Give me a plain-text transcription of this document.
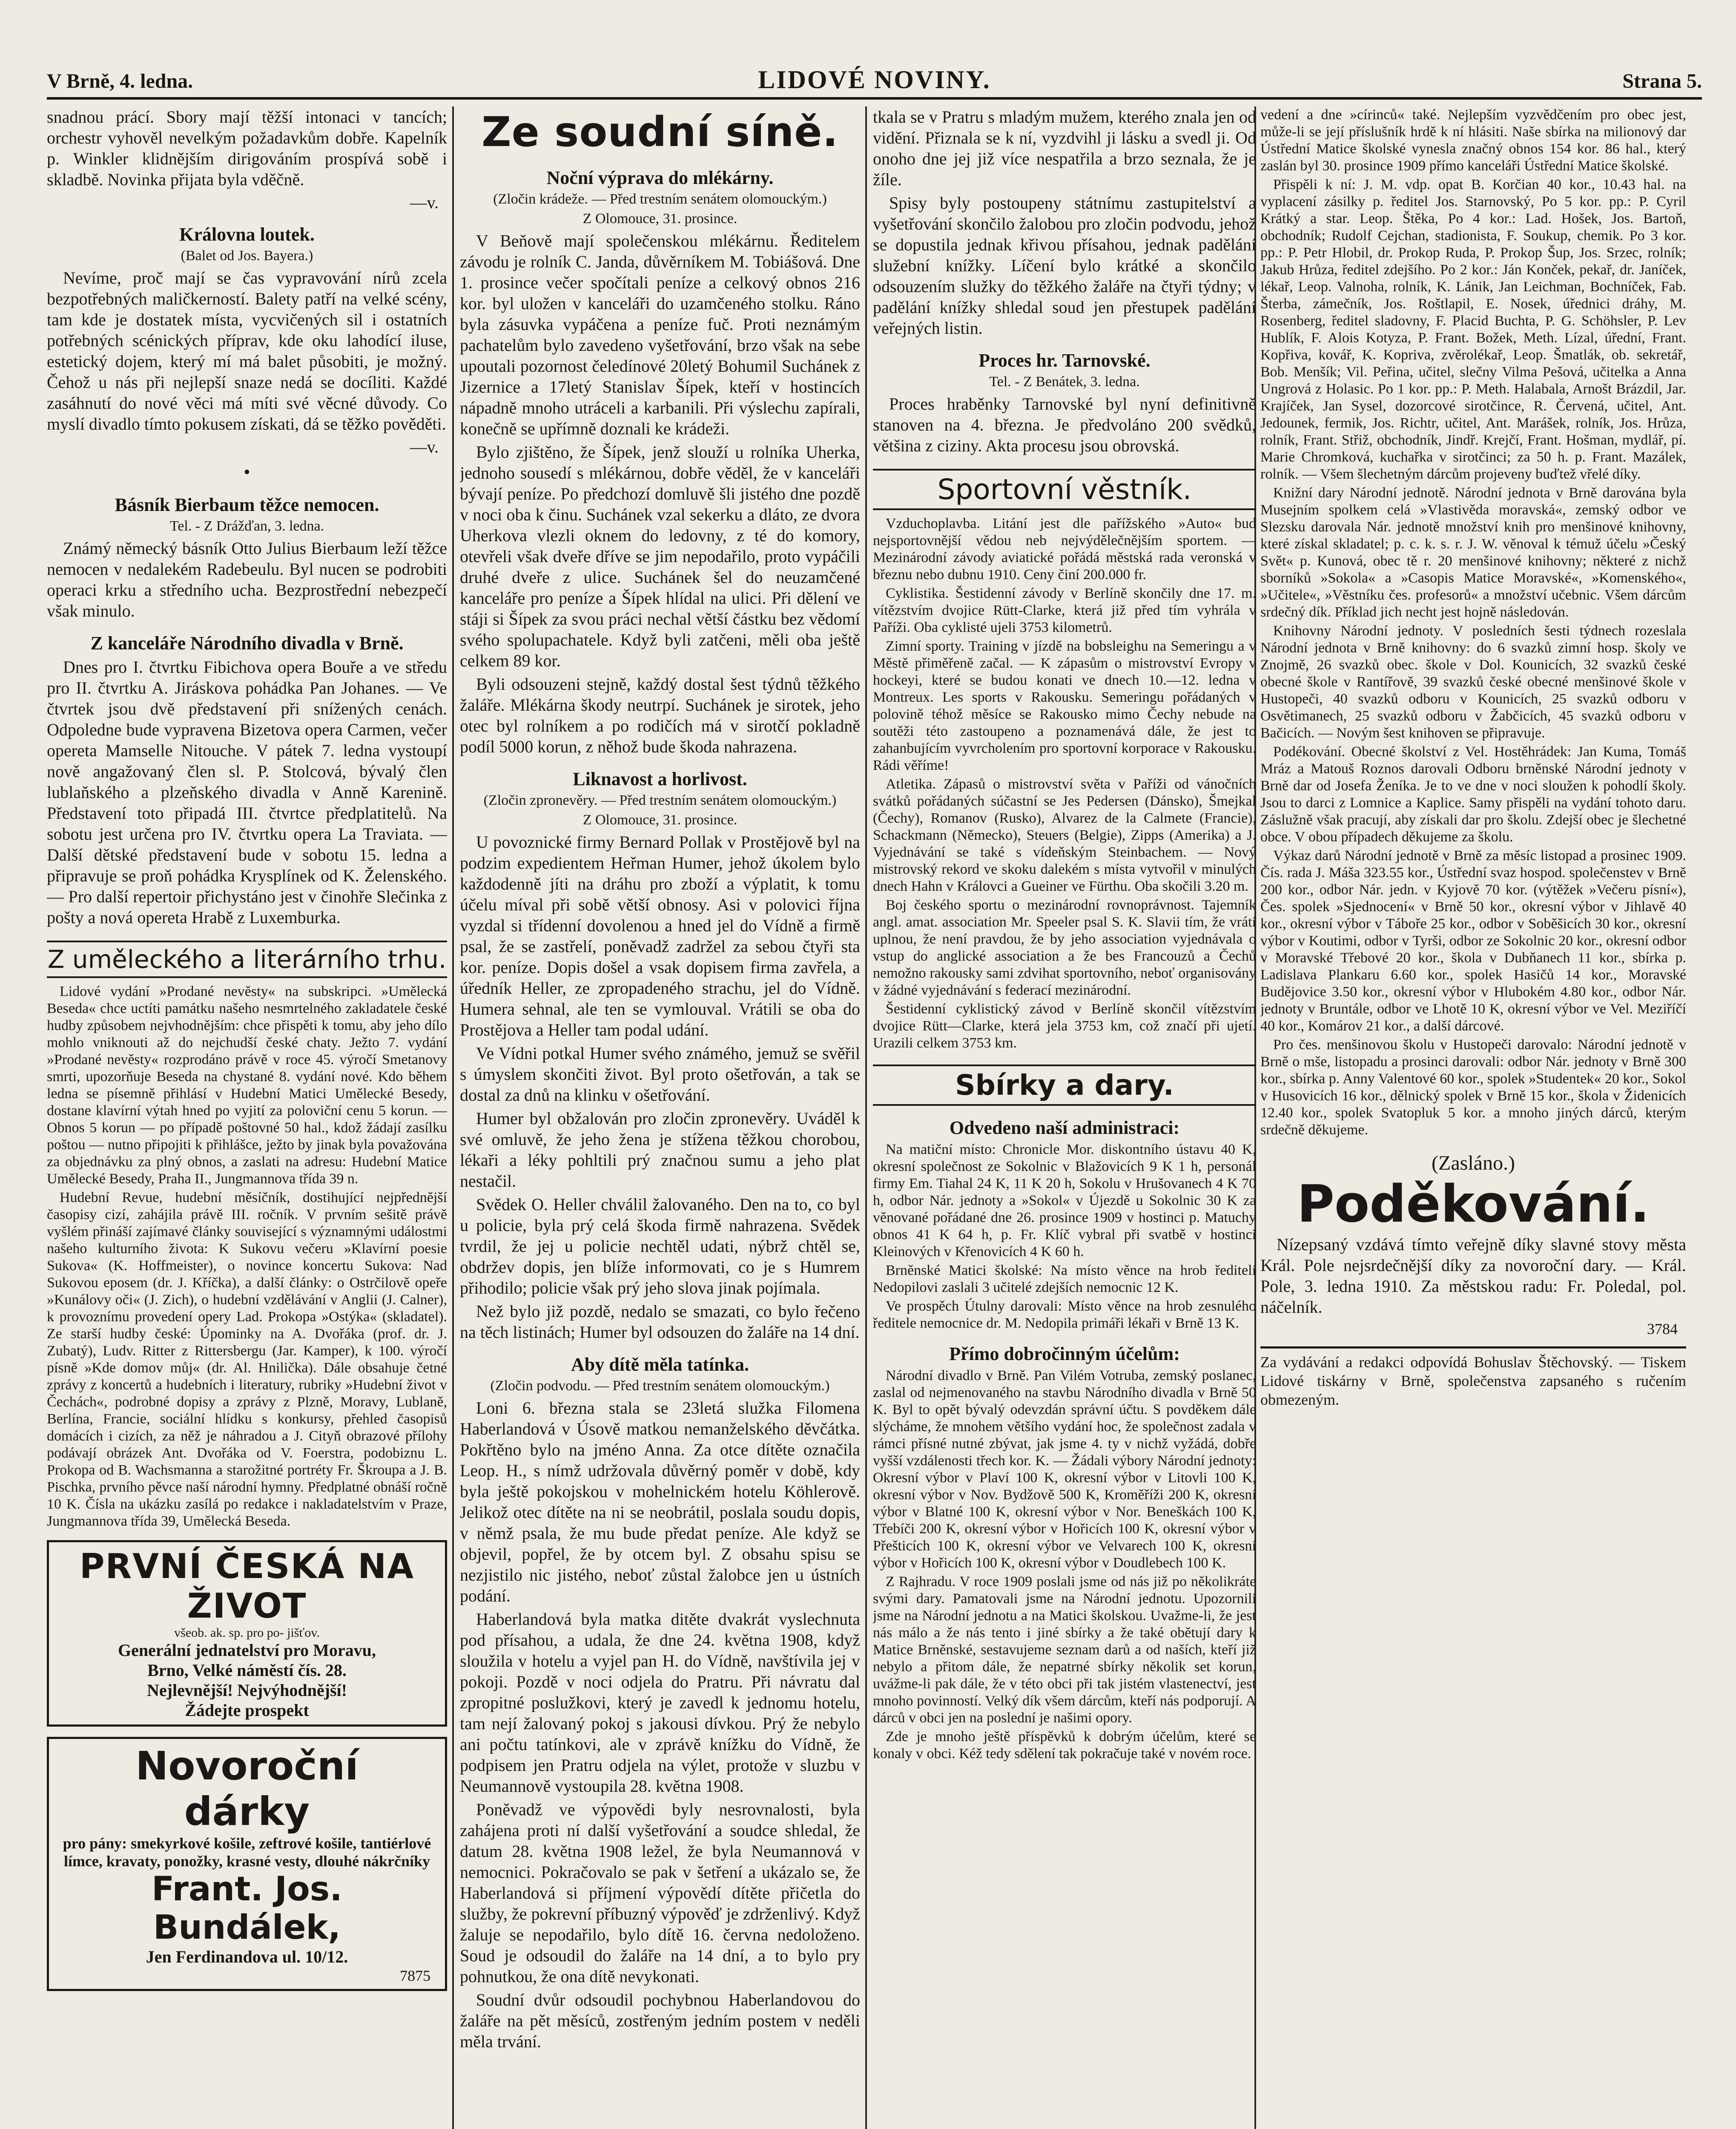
V Brně, 4. ledna.	LIDOVÉ NOVINY.	Strana 5.

snadnou prácí. Sbory mají těžší intonaci v tancích; orchestr vyhověl nevelkým požadavkům dobře. Kapelník p. Winkler klidnějším dirigováním prospívá sobě i skladbě. Novinka přijata byla vděčně.

—v.
Královna loutek.
(Balet od Jos. Bayera.)

Nevíme, proč mají se čas vypravování nírů zcela bezpotřebných maličkerností. Balety patří na velké scény, tam kde je dostatek místa, vycvičených sil i ostatních potřebných scénických příprav, kde oku lahodící iluse, estetický dojem, který mí má balet působiti, je možný. Čehož u nás při nejlepší snaze nedá se docíliti. Každé zasáhnutí do nové věci má míti své věcné důvody. Co myslí divadlo tímto pokusem získati, dá se těžko pověděti.

—v.
•
Básník Bierbaum těžce nemocen.
Tel. - Z Drážďan, 3. ledna.

Známý německý básník Otto Julius Bierbaum leží těžce nemocen v nedalekém Radebeulu. Byl nucen se podrobiti operaci krku a středního ucha. Bezprostřední nebezpečí však minulo.

Z kanceláře Národního divadla v Brně.

Dnes pro I. čtvrtku Fibichova opera Bouře a ve středu pro II. čtvrtku A. Jiráskova pohádka Pan Johanes. — Ve čtvrtek jsou dvě představení při snížených cenách. Odpoledne bude vypravena Bizetova opera Carmen, večer opereta Mamselle Nitouche. V pátek 7. ledna vystoupí nově angažovaný člen sl. P. Stolcová, bývalý člen lublaňského a plzeňského divadla v Anně Karenině. Představení toto připadá III. čtvrtce předplatitelů. Na sobotu jest určena pro IV. čtvrtku opera La Traviata. — Další dětské představení bude v sobotu 15. ledna a připravuje se proň pohádka Krysplínek od K. Želenského. — Pro další repertoir přichystáno jest v činohře Slečinka z pošty a nová opereta Hrabě z Luxemburka.

Z uměleckého a literárního trhu.

Lidové vydání »Prodané nevěsty« na subskripci. »Umělecká Beseda« chce uctíti památku našeho nesmrtelného zakladatele české hudby způsobem nejvhodnějším: chce přispěti k tomu, aby jeho dílo mohlo vniknouti až do nejchudší české chaty. Ježto 7. vydání »Prodané nevěsty« rozprodáno právě v roce 45. výročí Smetanovy smrti, upozorňuje Beseda na chystané 8. vydání nové. Kdo během ledna se písemně přihlásí v Hudební Matici Umělecké Besedy, dostane klavírní výtah hned po vyjití za poloviční cenu 5 korun. — Obnos 5 korun — po případě poštovné 50 hal., kdož žádají zasílku poštou — nutno připojiti k přihlášce, ježto by jinak byla považována za objednávku za plný obnos, a zaslati na adresu: Hudební Matice Umělecké Besedy, Praha II., Jungmannova třída 39 n.

Hudební Revue, hudební měsíčník, dostihující nejpřednější časopisy cizí, zahájila právě III. ročník. V prvním sešitě právě vyšlém přináší zajímavé články související s významnými událostmi našeho kulturního života: K Sukovu večeru »Klavírní poesie Sukova« (K. Hoffmeister), o novince koncertu Sukova: Nad Sukovou eposem (dr. J. Kříčka), a další články: o Ostrčilově opeře »Kunálovy oči« (J. Zich), o hudební vzdělávání v Anglii (J. Calner), k provoznímu provedení opery Lad. Prokopa »Ostýka« (skladatel). Ze starší hudby české: Úpominky na A. Dvořáka (prof. dr. J. Zubatý), Ludv. Ritter z Rittersbergu (Jar. Kamper), k 100. výročí písně »Kde domov můj« (dr. Al. Hnilička). Dále obsahuje četné zprávy z koncertů a hudebních i literatury, rubriky »Hudební život v Čechách«, podrobné dopisy a zprávy z Plzně, Moravy, Lublaně, Berlína, Francie, sociální hlídku s konkursy, přehled časopisů domácích i cizích, za něž je náhradou a J. Cityň obrazové přílohy podávají obrázek Ant. Dvořáka od V. Foerstra, podobiznu L. Prokopa od B. Wachsmanna a starožitné portréty Fr. Škroupa a J. B. Pischka, prvního pěvce naší národní hymny. Předplatné obnáší ročně 10 K. Čísla na ukázku zasílá po redakce i nakladatelstvím v Praze, Jungmannova třída 39, Umělecká Beseda.

PRVNÍ ČESKÁ NA ŽIVOT
všeob. ak. sp. pro po- jišťov.
Generální jednatelství pro Moravu,
Brno, Velké náměstí čís. 28.
Nejlevnější! Nejvýhodnější!
Žádejte prospekt
Novoroční
dárky
pro pány: smekyrkové košile, zeftrové košile, tantiérlové límce, kravaty, ponožky, krasné vesty, dlouhé nákrčníky
Frant. Jos. Bundálek,
Jen Ferdinandova ul. 10/12.
7875
Ze soudní síně.
Noční výprava do mlékárny.
(Zločin krádeže. — Před trestním senátem olomouckým.)
Z Olomouce, 31. prosince.

V Beňově mají společenskou mlékárnu. Ředitelem závodu je rolník C. Janda, důvěrníkem M. Tobiášová. Dne 1. prosince večer spočítali peníze a celkový obnos 216 kor. byl uložen v kanceláři do uzamčeného stolku. Ráno byla zásuvka vypáčena a peníze fuč. Proti neznámým pachatelům bylo zavedeno vyšetřování, brzo však na sebe upoutali pozornost čeledínové 20letý Bohumil Suchánek z Jizernice a 17letý Stanislav Šípek, kteří v hostincích nápadně mnoho utráceli a karbanili. Při výslechu zapírali, konečně se upřímně doznali ke krádeži.

Bylo zjištěno, že Šípek, jenž slouží u rolníka Uherka, jednoho sousedí s mlékárnou, dobře věděl, že v kanceláři bývají peníze. Po předchozí domluvě šli jistého dne pozdě v noci oba k činu. Suchánek vzal sekerku a dláto, ze dvora Uherkova vlezli oknem do ledovny, z té do komory, otevřeli však dveře dříve se jim nepodařilo, proto vypáčili druhé dveře z ulice. Suchánek šel do neuzamčené kanceláře pro peníze a Šípek hlídal na ulici. Při dělení ve stáji si Šípek za svou práci nechal větší částku bez vědomí svého spolupachatele. Když byli zatčeni, měli oba ještě celkem 89 kor.

Byli odsouzeni stejně, každý dostal šest týdnů těžkého žaláře. Mlékárna škody neutrpí. Suchánek je sirotek, jeho otec byl rolníkem a po rodičích má v sirotčí pokladně podíl 5000 korun, z něhož bude škoda nahrazena.

Liknavost a horlivost.
(Zločin zpronevěry. — Před trestním senátem olomouckým.)
Z Olomouce, 31. prosince.

U povoznické firmy Bernard Pollak v Prostějově byl na podzim expedientem Heřman Humer, jehož úkolem bylo každodenně jíti na dráhu pro zboží a výplatit, k tomu účelu míval při sobě větší obnosy. Asi v polovici října vyzdal si třídenní dovolenou a hned jel do Vídně a firmě psal, že se zastřelí, poněvadž zadržel za sebou čtyři sta kor. peníze. Dopis došel a vsak dopisem firma zavřela, a úředník Heller, ze zpropadeného strachu, jel do Vídně. Humera sehnal, ale ten se vymlouval. Vrátili se oba do Prostějova a Heller tam podal udání.

Ve Vídni potkal Humer svého známého, jemuž se svěřil s úmyslem skončiti život. Byl proto ošetřován, a tak se dostal za dnů na klinku v ošetřování.

Humer byl obžalován pro zločin zpronevěry. Uváděl k své omluvě, že jeho žena je stížena těžkou chorobou, lékaři a léky pohltili prý značnou sumu a jeho plat nestačil.

Svědek O. Heller chválil žalovaného. Den na to, co byl u policie, byla prý celá škoda firmě nahrazena. Svědek tvrdil, že jej u policie nechtěl udati, nýbrž chtěl se, obdržev dopis, jen blíže informovati, co je s Humrem přihodilo; policie však prý jeho slova jinak pojímala.

Než bylo již pozdě, nedalo se smazati, co bylo řečeno na těch listinách; Humer byl odsouzen do žaláře na 14 dní.

Aby dítě měla tatínka.
(Zločin podvodu. — Před trestním senátem olomouckým.)

Loni 6. března stala se 23letá služka Filomena Haberlandová v Úsově matkou nemanželského děvčátka. Pokřtěno bylo na jméno Anna. Za otce dítěte označila Leop. H., s nímž udržovala důvěrný poměr v době, kdy byla ještě pokojskou v mohelnickém hotelu Köhlerově. Jelikož otec dítěte na ni se neobrátil, poslala soudu dopis, v němž psala, že mu bude předat peníze. Ale když se objevil, popřel, že by otcem byl. Z obsahu spisu se nezjistilo nic jistého, neboť zůstal žalobce jen u ústních podání.

Haberlandová byla matka ditěte dvakrát vyslechnuta pod přísahou, a udala, že dne 24. května 1908, když sloužila v hotelu a vyjel pan H. do Vídně, navštívila jej v pokoji. Pozdě v noci odjela do Pratru. Při návratu dal zpropitné poslužkovi, který je zavedl k jednomu hotelu, tam nejí žalovaný pokoj s jakousi dívkou. Prý že nebylo ani počtu tatínkovi, ale v zprávě knížku do Vídně, že podpisem jen Pratru odjela na výlet, protože v sluzbu v Neumannově vystoupila 28. května 1908.

Poněvadž ve výpovědi byly nesrovnalosti, byla zahájena proti ní další vyšetřování a soudce shledal, že datum 28. května 1908 ležel, že byla Neumannová v nemocnici. Pokračovalo se pak v šetření a ukázalo se, že Haberlandová si příjmení výpovědí dítěte přičetla do služby, že pokrevní příbuzný výpověď je zdrženlivý. Když žaluje se nepodařilo, bylo dítě 16. června nedoloženo. Soud je odsoudil do žaláře na 14 dní, a to bylo pry pohnutkou, že ona dítě nevykonati.

Soudní dvůr odsoudil pochybnou Haberlandovou do žaláře na pět měsíců, zostřeným jedním postem v neděli měla trvání.

tkala se v Pratru s mladým mužem, kterého znala jen od vidění. Přiznala se k ní, vyzdvihl ji lásku a svedl ji. Od onoho dne jej již více nespatřila a brzo seznala, že je žíle.

Spisy byly postoupeny státnímu zastupitelství a vyšetřování skončilo žalobou pro zločin podvodu, jehož se dopustila jednak křivou přísahou, jednak padělání služební knížky. Líčení bylo krátké a skončilo odsouzením služky do těžkého žaláře na čtyři týdny; v padělání knížky shledal soud jen přestupek padělání veřejných listin.

Proces hr. Tarnovské.
Tel. - Z Benátek, 3. ledna.

Proces hraběnky Tarnovské byl nyní definitivně stanoven na 4. března. Je předvoláno 200 svědků, většina z ciziny. Akta procesu jsou obrovská.

Sportovní věstník.

Vzduchoplavba. Litání jest dle pařížského »Auto« bud nejsportovnější vědou neb nejvýdělečnějším sportem. — Mezinárodní závody aviatické pořádá městská rada veronská v březnu nebo dubnu 1910. Ceny činí 200.000 fr.

Cyklistika. Šestidenní závody v Berlíně skončily dne 17. m. vítězstvím dvojice Rütt-Clarke, která již před tím vyhrála v Paříži. Oba cyklisté ujeli 3753 kilometrů.

Zimní sporty. Training v jízdě na bobsleighu na Semeringu a v Městě přiměřeně začal. — K zápasům o mistrovství Evropy v hockeyi, které se budou konati ve dnech 10.—12. ledna v Montreux. Les sports v Rakousku. Semeringu pořádaných v polovině téhož měsíce se Rakousko mimo Čechy nebude na soutěži této zastoupeno a poznamenává dále, že jest to zahanbujícím vyvrcholením pro sportovní korporace v Rakousku. Rádi věříme!

Atletika. Zápasů o mistrovství světa v Paříži od vánočních svátků pořádaných súčastní se Jes Pedersen (Dánsko), Šmejkal (Čechy), Romanov (Rusko), Alvarez de la Calmete (Francie), Schackmann (Německo), Steuers (Belgie), Zipps (Amerika) a J. Vyjednávání se také s vídeňským Steinbachem. — Nový mistrovský rekord ve skoku dalekém s místa vytvořil v minulých dnech Hahn v Královci a Gueiner ve Fürthu. Oba skočili 3.20 m.

Boj českého sportu o mezinárodní rovnoprávnost. Tajemník angl. amat. association Mr. Speeler psal S. K. Slavii tím, že vrátí uplnou, že není pravdou, že by jeho association vyjednávala o vstup do anglické association a že bes Francouzů a Čechů nemožno rakousky sami zdvihat sportovního, neboť organisovány v žádné vyjednávání s federací mezinárodní.

Šestidenní cyklistický závod v Berlíně skončil vítězstvím dvojice Rütt—Clarke, která jela 3753 km, což značí při ujetí. Urazili celkem 3753 km.

Sbírky a dary.
Odvedeno naší administraci:

Na matiční místo: Chronicle Mor. diskontního ústavu 40 K, okresní společnost ze Sokolnic v Blažovicích 9 K 1 h, personál firmy Em. Tiahal 24 K, 11 K 20 h, Sokolu v Hrušovanech 4 K 70 h, odbor Nár. jednoty a »Sokol« v Újezdě u Sokolnic 30 K za věnované pořádané dne 26. prosince 1909 v hostinci p. Matuchy obnos 41 K 64 h, p. Fr. Klíč vybral při svatbě v hostinci Kleinových v Křenovicích 4 K 60 h.

Brněnské Matici školské: Na místo věnce na hrob ředitelí Nedopilovi zaslali 3 učitelé zdejších nemocnic 12 K.

Ve prospěch Útulny darovali: Místo věnce na hrob zesnulého ředitele nemocnice dr. M. Nedopila primáři lékaři v Brně 13 K.

Přímo dobročinným účelům:

Národní divadlo v Brně. Pan Vilém Votruba, zemský poslanec, zaslal od nejmenovaného na stavbu Národního divadla v Brně 50 K. Byl to opět bývalý odevzdán správní účtu. S povděkem dále slýcháme, že mnohem většího vydání hoc, že společnost zadala v rámci přísné nutné zbývat, jak jsme 4. ty v nichž vyžádá, dobře vyšší vzdálenosti třech kor. K. — Žádali výbory Národní jednoty: Okresní výbor v Plaví 100 K, okresní výbor v Litovli 100 K, okresní výbor v Nov. Bydžově 500 K, Kroměříži 200 K, okresní výbor v Blatné 100 K, okresní výbor v Nor. Beneškách 100 K, Třebíči 200 K, okresní výbor v Hořicích 100 K, okresní výbor v Přešticích 100 K, okresní výbor ve Velvarech 100 K, okresní výbor v Hořicích 100 K, okresní výbor v Doudlebech 100 K.

Z Rajhradu. V roce 1909 poslali jsme od nás již po několikráte svými dary. Pamatovali jsme na Národní jednotu. Upozornili jsme na Národní jednotu a na Matici školskou. Uvažme-li, že jest nás málo a že nás tento i jiné sbírky a že také obětují dary k Matice Brněnské, sestavujeme seznam darů a od naších, kteří již nebylo a přitom dále, že nepatrné sbírky několik set korun, uvážme-li pak dále, že v této obci při tak jistém vlastenectví, jest mnoho povinností. Velký dík všem dárcům, kteří nás podporují. A dárců v obci jen na poslední je našimi opory.

Zde je mnoho ještě příspěvků k dobrým účelům, které se konaly v obci. Kéž tedy sdělení tak pokračuje také v novém roce.

vedení a dne »círinců« také. Nejlepším vyzvědčením pro obec jest, může-li se její příslušník hrdě k ní hlásiti. Naše sbírka na milionový dar Ústřední Matice školské vynesla značný obnos 154 kor. 86 hal., který zaslán byl 30. prosince 1909 přímo kanceláři Ústřední Matice školské.

Přispěli k ní: J. M. vdp. opat B. Korčian 40 kor., 10.43 hal. na vyplacení zásilky p. ředitel Jos. Starnovský, Po 5 kor. pp.: P. Cyril Krátký a star. Leop. Štěka, Po 4 kor.: Lad. Hošek, Jos. Bartoň, obchodník; Rudolf Cejchan, stadionista, F. Soukup, chemik. Po 3 kor. pp.: P. Petr Hlobil, dr. Prokop Ruda, P. Prokop Šup, Jos. Srzec, rolník; Jakub Hrůza, ředitel zdejšího. Po 2 kor.: Ján Konček, pekař, dr. Janíček, lékař, Leop. Valnoha, rolník, K. Lánik, Jan Leichman, Bochníček, Fab. Šterba, zámečník, Jos. Roštlapil, E. Nosek, úřednici dráhy, M. Rosenberg, ředitel sladovny, F. Placid Buchta, P. G. Schöhsler, P. Lev Hublík, F. Alois Kotyza, P. Frant. Božek, Meth. Lízal, úřední, Frant. Kopřiva, kovář, K. Kopriva, zvěrolékař, Leop. Šmatlák, ob. sekretář, Bob. Menšík; Vil. Peřina, učitel, slečny Vilma Pešová, učitelka a Anna Ungrová z Holasic. Po 1 kor. pp.: P. Meth. Halabala, Arnošt Brázdil, Jar. Krajíček, Jan Sysel, dozorcové sirotčince, R. Červená, učitel, Ant. Jedounek, fermik, Jos. Richtr, učitel, Ant. Marášek, rolník, Jos. Hrůza, rolník, Frant. Střiž, obchodník, Jindř. Krejčí, Frant. Hošman, mydlář, pí. Marie Chromková, kuchařka v sirotčinci; za 50 h. p. Frant. Mazálek, rolník. — Všem šlechetným dárcům projeveny buďtež vřelé díky.

Knižní dary Národní jednotě. Národní jednota v Brně darována byla Musejním spolkem celá »Vlastivěda moravská«, zemský odbor ve Slezsku darovala Nár. jednotě množství knih pro menšinové knihovny, které získal skladatel; p. c. k. s. r. J. W. věnoval k témuž účelu »Český Svět« p. Kunová, obec tě r. 20 menšinové knihovny; některé z nichž sborníků »Sokola« a »Casopis Matice Moravské«, »Komenského«, »Učitele«, »Věstníku čes. profesorů« a množství učebnic. Všem dárcům srdečný dík. Příklad jich necht jest hojně následován.

Knihovny Národní jednoty. V posledních šesti týdnech rozeslala Národní jednota v Brně knihovny: do 6 svazků zimní hosp. školy ve Znojmě, 26 svazků obec. škole v Dol. Kounicích, 32 svazků české obecné škole v Rantířově, 39 svazků české obecné menšinové škole v Hustopeči, 40 svazků odboru v Kounicích, 25 svazků odboru v Osvětimanech, 25 svazků odboru v Žabčicích, 45 svazků odboru v Bačicích. — Novým šest knihoven se připravuje.

Podékování. Obecné školství z Vel. Hostěhrádek: Jan Kuma, Tomáš Mráz a Matouš Roznos darovali Odboru brněnské Národní jednoty v Brně dar od Josefa Ženíka. Je to ve dne v noci sloužen k pohodlí školy. Jsou to darci z Lomnice a Kaplice. Samy přispěli na vydání tohoto daru. Záslužně však pracují, aby získali dar pro školu. Zdejší obec je šlechetné obce. V obou případech děkujeme za školu.

Výkaz darů Národní jednotě v Brně za měsíc listopad a prosinec 1909. Čís. rada J. Máša 323.55 kor., Ústřední svaz hospod. společenstev v Brně 200 kor., odbor Nár. jedn. v Kyjově 70 kor. (výtěžek »Večeru písní«), Čes. spolek »Sjednocení« v Brně 50 kor., okresní výbor v Jihlavě 40 kor., okresní výbor v Táboře 25 kor., odbor v Soběšicích 30 kor., okresní výbor v Koutimi, odbor v Tyrši, odbor ze Sokolnic 20 kor., okresní odbor v Moravské Třebové 20 kor., škola v Dubňanech 11 kor., sbírka p. Ladislava Plankaru 6.60 kor., spolek Hasičů 14 kor., Moravské Budějovice 3.50 kor., okresní výbor v Hlubokém 4.80 kor., odbor Nár. jednoty v Bruntále, odbor ve Lhotě 10 K, okresní výbor ve Vel. Meziříčí 40 kor., Komárov 21 kor., a další dárcové.

Pro čes. menšinovou školu v Hustopeči darovalo: Národní jednotě v Brně o mše, listopadu a prosinci darovali: odbor Nár. jednoty v Brně 300 kor., sbírka p. Anny Valentové 60 kor., spolek »Studentek« 20 kor., Sokol v Husovicích 16 kor., dělnický spolek v Brně 15 kor., škola v Židenicích 12.40 kor., spolek Svatopluk 5 kor. a mnoho jiných dárců, kterým srdečně děkujeme.

(Zasláno.)
Poděkování.

Nízepsaný vzdává tímto veřejně díky slavné stovy města Král. Pole nejsrdečnější díky za novoroční dary. — Král. Pole, 3. ledna 1910. Za městskou radu: Fr. Poledal, pol. náčelník.

3784
Za vydávání a redakci odpovídá Bohuslav Štěchovský. — Tiskem Lidové tiskárny v Brně, společenstva zapsaného s ručením obmezeným.
